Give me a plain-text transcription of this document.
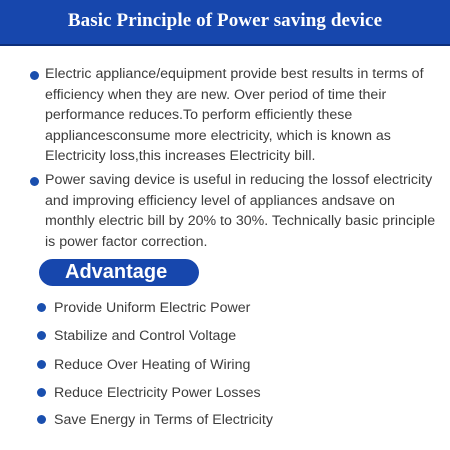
Basic Principle of Power saving device

Electric appliance/equipment provide best results in terms of efficiency when they are new. Over period of time their performance reduces.To perform efficiently these appliancesconsume more electricity, which is known as Electricity loss,this increases Electricity bill.

Power saving device is useful in reducing the lossof electricity and improving efficiency level of appliances andsave on monthly electric bill by 20% to 30%. Technically basic principle is power factor correction.

Advantage
Provide Uniform Electric Power
Stabilize and Control Voltage
Reduce Over Heating of Wiring
Reduce Electricity Power Losses
Save Energy in Terms of Electricity
